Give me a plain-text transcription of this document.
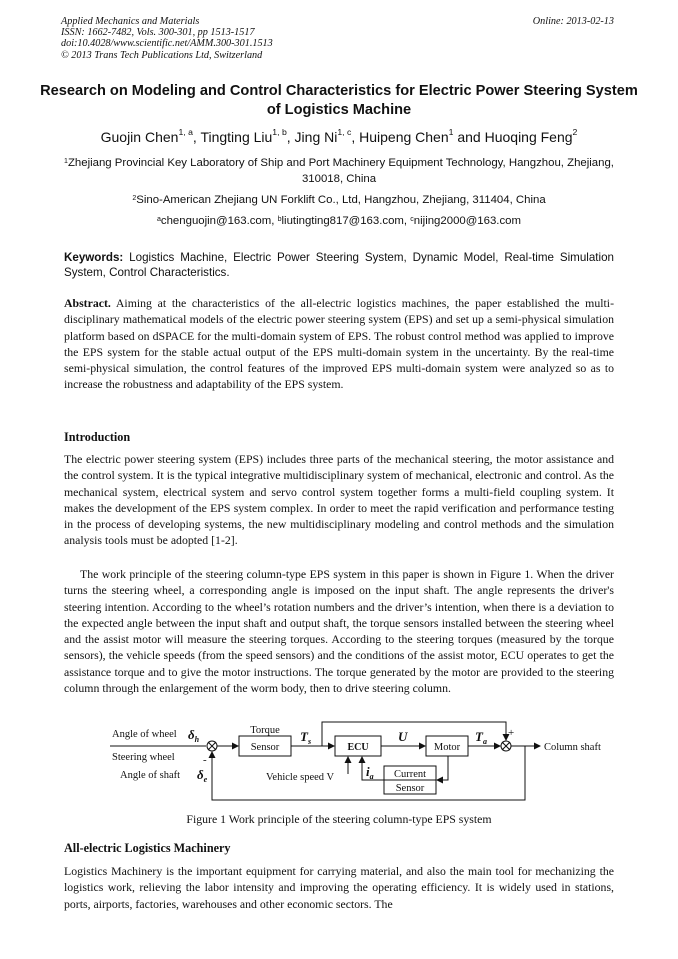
Applied Mechanics and Materials
ISSN: 1662-7482, Vols. 300-301, pp 1513-1517
doi:10.4028/www.scientific.net/AMM.300-301.1513
© 2013 Trans Tech Publications Ltd, Switzerland
Online: 2013-02-13
Research on Modeling and Control Characteristics for Electric Power Steering System of Logistics Machine
Guojin Chen$^{1, a}$, Tingting Liu$^{1, b}$, Jing Ni$^{1, c}$, Huipeng Chen$^1$ and Huoqing Feng$^2$
$^1$Zhejiang Provincial Key Laboratory of Ship and Port Machinery Equipment Technology, Hangzhou, Zhejiang, 310018, China
$^2$Sino-American Zhejiang UN Forklift Co., Ltd, Hangzhou, Zhejiang, 311404, China
$^a$chenguojin@163.com, $^b$liutingting817@163.com, $^c$nijing2000@163.com
Keywords: Logistics Machine, Electric Power Steering System, Dynamic Model, Real-time Simulation System, Control Characteristics.
Abstract. Aiming at the characteristics of the all-electric logistics machines, the paper established the multi-disciplinary mathematical models of the electric power steering system (EPS) and set up a semi-physical simulation platform based on dSPACE for the multi-domain system of EPS. The robust control method was applied to improve the EPS system for the stable actual output of the EPS multi-domain system in the uncertainty. By the real-time semi-physical simulation, the control features of the improved EPS multi-domain system were analyzed so as to increase the robustness and adaptability of the EPS system.
Introduction
The electric power steering system (EPS) includes three parts of the mechanical steering, the motor assistance and the control system. It is the typical integrative multidisciplinary system of mechanical, electronic and control. As the mechanical system, electrical system and servo control system together forms a multi-field coupling system. It makes the development of the EPS system complex. In order to meet the rapid verification and performance testing in the process of developing systems, the new multidisciplinary modeling and control methods and the simulation analysis tools must be adopted [1-2].
The work principle of the steering column-type EPS system in this paper is shown in Figure 1. When the driver turns the steering wheel, a corresponding angle is imposed on the input shaft. The angle represents the driver's steering intention. According to the wheel’s rotation numbers and the driver’s intention, when there is a deviation to the expected angle between the input shaft and output shaft, the torque sensors installed between the steering wheel and the assist motor will measure the steering torques. According to the steering torques (measured by the torque sensors), the vehicle speeds (from the speed sensors) and the conditions of the assist motor, ECU operates to get the assistance torque and to give the motor instructions. The torque generated by the motor are provided to the steering column through the enlargement of the worm body, then to drive steering column.
Angle of wheel $\delta_h$
Steering wheel
Angle of shaft $\delta_e$
-
+
Torque
Sensor
$T_s$
ECU
U
Motor
$T_a$
Column shaft
Vehicle speed V $i_a$ Current
Sensor
Figure 1 Work principle of the steering column-type EPS system
All-electric Logistics Machinery
Logistics Machinery is the important equipment for carrying material, and also the main tool for mechanizing the logistics work, relieving the labor intensity and improving the operating efficiency. It is widely used in stations, ports, airports, factories, warehouses and other economic sectors. The
